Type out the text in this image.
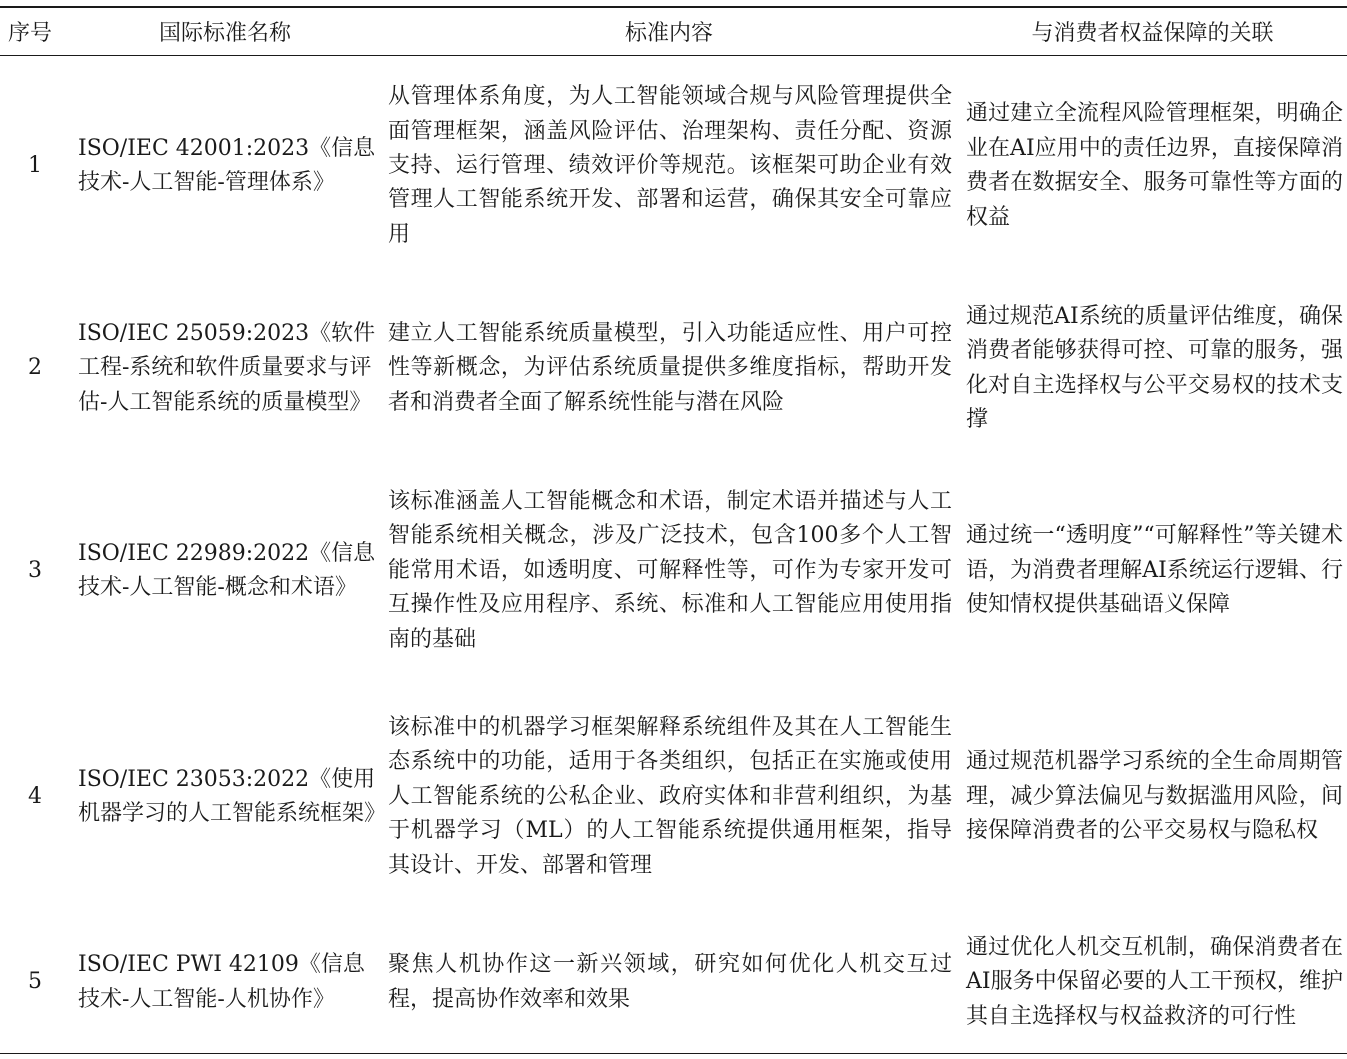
序号	国际标准名称	标准内容	与消费者权益保障的关联
1	ISO/IEC 42001:2023《信息技术-人工智能-管理体系》	从管理体系角度，为人工智能领域合规与风险管理提供全面管理框架，涵盖风险评估、治理架构、责任分配、资源支持、运行管理、绩效评价等规范。该框架可助企业有效管理人工智能系统开发、部署和运营，确保其安全可靠应用	通过建立全流程风险管理框架，明确企业在AI应用中的责任边界，直接保障消费者在数据安全、服务可靠性等方面的权益
2	ISO/IEC 25059:2023《软件工程-系统和软件质量要求与评估-人工智能系统的质量模型》	建立人工智能系统质量模型，引入功能适应性、用户可控性等新概念，为评估系统质量提供多维度指标，帮助开发者和消费者全面了解系统性能与潜在风险	通过规范AI系统的质量评估维度，确保消费者能够获得可控、可靠的服务，强化对自主选择权与公平交易权的技术支撑
3	ISO/IEC 22989:2022《信息技术-人工智能-概念和术语》	该标准涵盖人工智能概念和术语，制定术语并描述与人工智能系统相关概念，涉及广泛技术，包含100多个人工智能常用术语，如透明度、可解释性等，可作为专家开发可互操作性及应用程序、系统、标准和人工智能应用使用指南的基础	通过统一“透明度”“可解释性”等关键术语，为消费者理解AI系统运行逻辑、行使知情权提供基础语义保障
4	ISO/IEC 23053:2022《使用机器学习的人工智能系统框架》	该标准中的机器学习框架解释系统组件及其在人工智能生态系统中的功能，适用于各类组织，包括正在实施或使用人工智能系统的公私企业、政府实体和非营利组织，为基于机器学习（ML）的人工智能系统提供通用框架，指导其设计、开发、部署和管理	通过规范机器学习系统的全生命周期管理，减少算法偏见与数据滥用风险，间接保障消费者的公平交易权与隐私权
5	ISO/IEC PWI 42109《信息技术-人工智能-人机协作》	聚焦人机协作这一新兴领域，研究如何优化人机交互过程，提高协作效率和效果	通过优化人机交互机制，确保消费者在AI服务中保留必要的人工干预权，维护其自主选择权与权益救济的可行性
